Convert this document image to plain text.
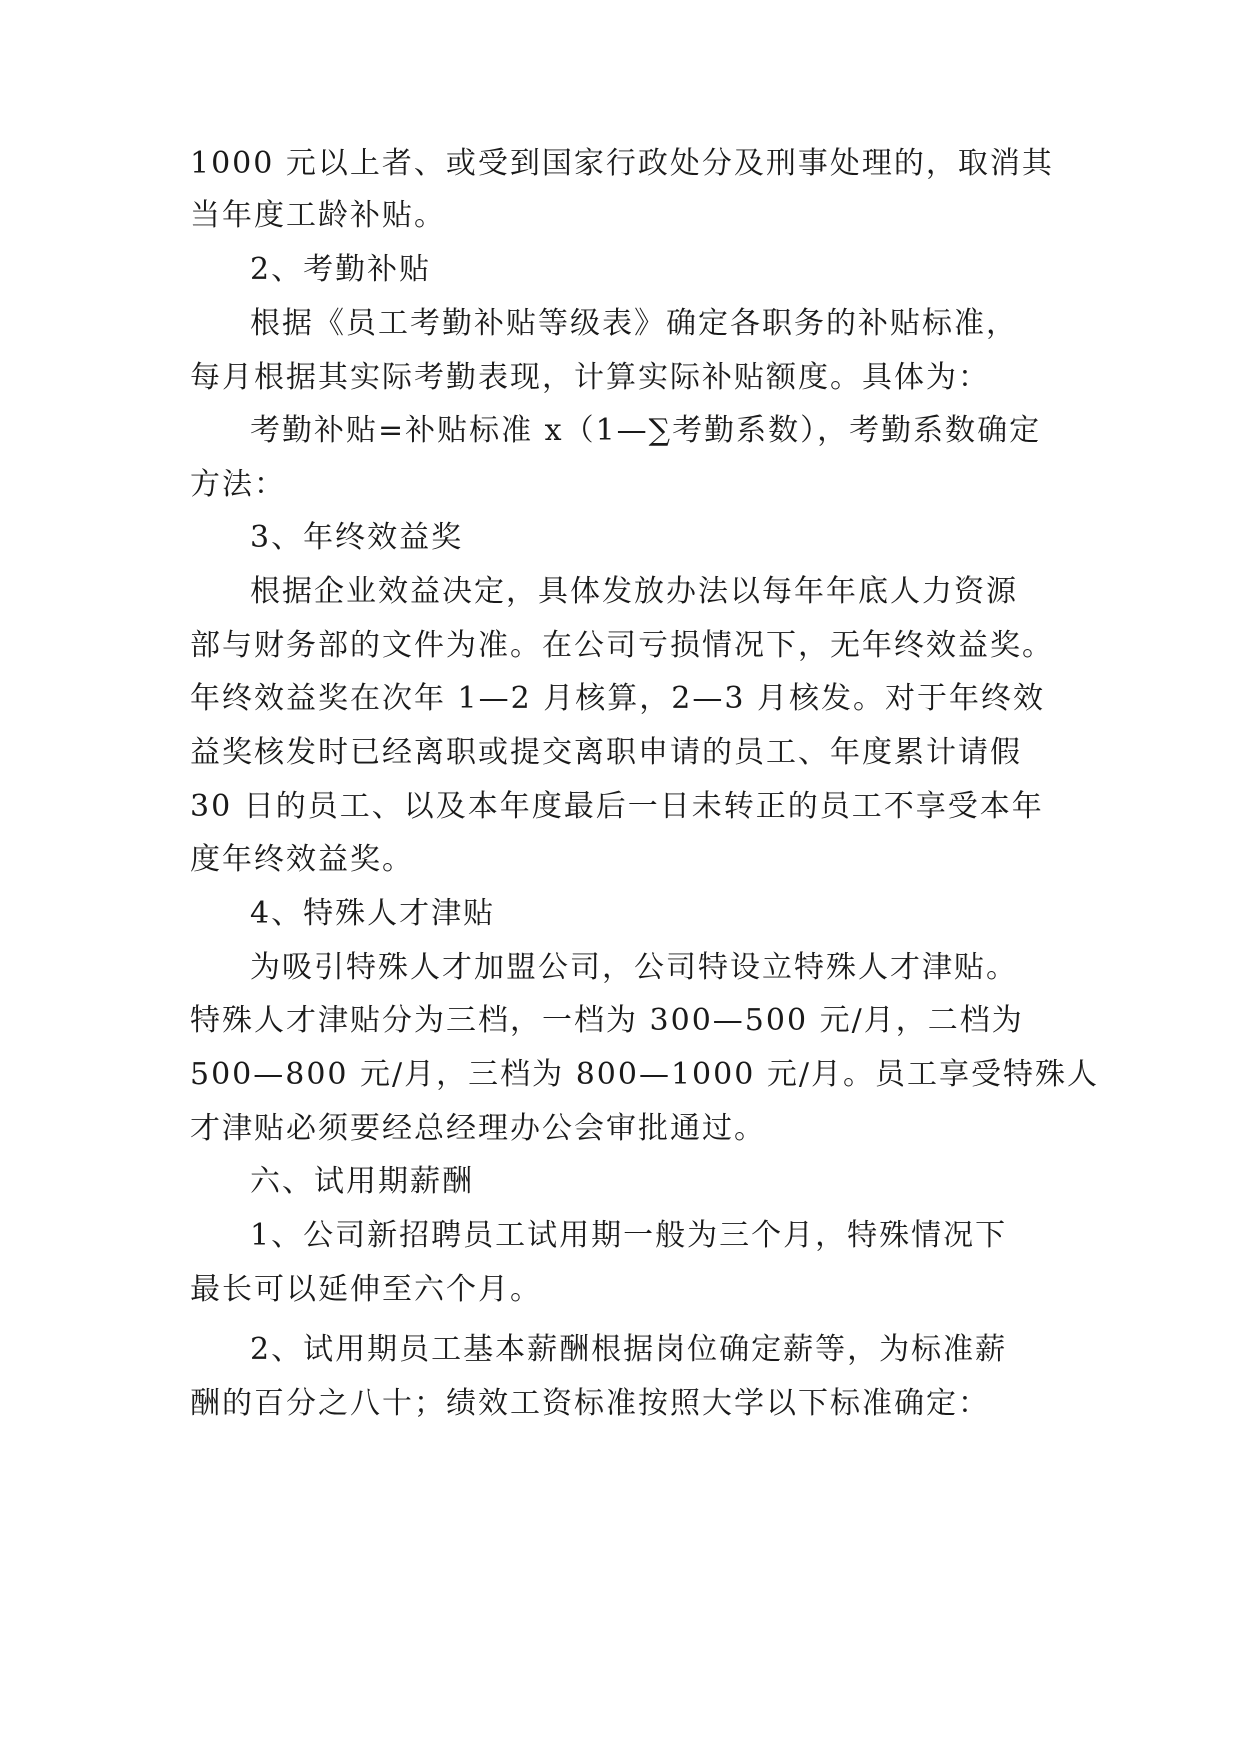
1000 元以上者、或受到国家行政处分及刑事处理的，取消其
当年度工龄补贴。
2、考勤补贴
根据《员工考勤补贴等级表》确定各职务的补贴标准，
每月根据其实际考勤表现，计算实际补贴额度。具体为：
考勤补贴=补贴标准 x（1—∑考勤系数），考勤系数确定
方法：
3、年终效益奖
根据企业效益决定，具体发放办法以每年年底人力资源
部与财务部的文件为准。在公司亏损情况下，无年终效益奖。
年终效益奖在次年 1—2 月核算，2—3 月核发。对于年终效
益奖核发时已经离职或提交离职申请的员工、年度累计请假
30 日的员工、以及本年度最后一日未转正的员工不享受本年
度年终效益奖。
4、特殊人才津贴
为吸引特殊人才加盟公司，公司特设立特殊人才津贴。
特殊人才津贴分为三档，一档为 300—500 元/月，二档为
500—800 元/月，三档为 800—1000 元/月。员工享受特殊人
才津贴必须要经总经理办公会审批通过。
六、试用期薪酬
1、公司新招聘员工试用期一般为三个月，特殊情况下
最长可以延伸至六个月。
2、试用期员工基本薪酬根据岗位确定薪等，为标准薪
酬的百分之八十；绩效工资标准按照大学以下标准确定：
